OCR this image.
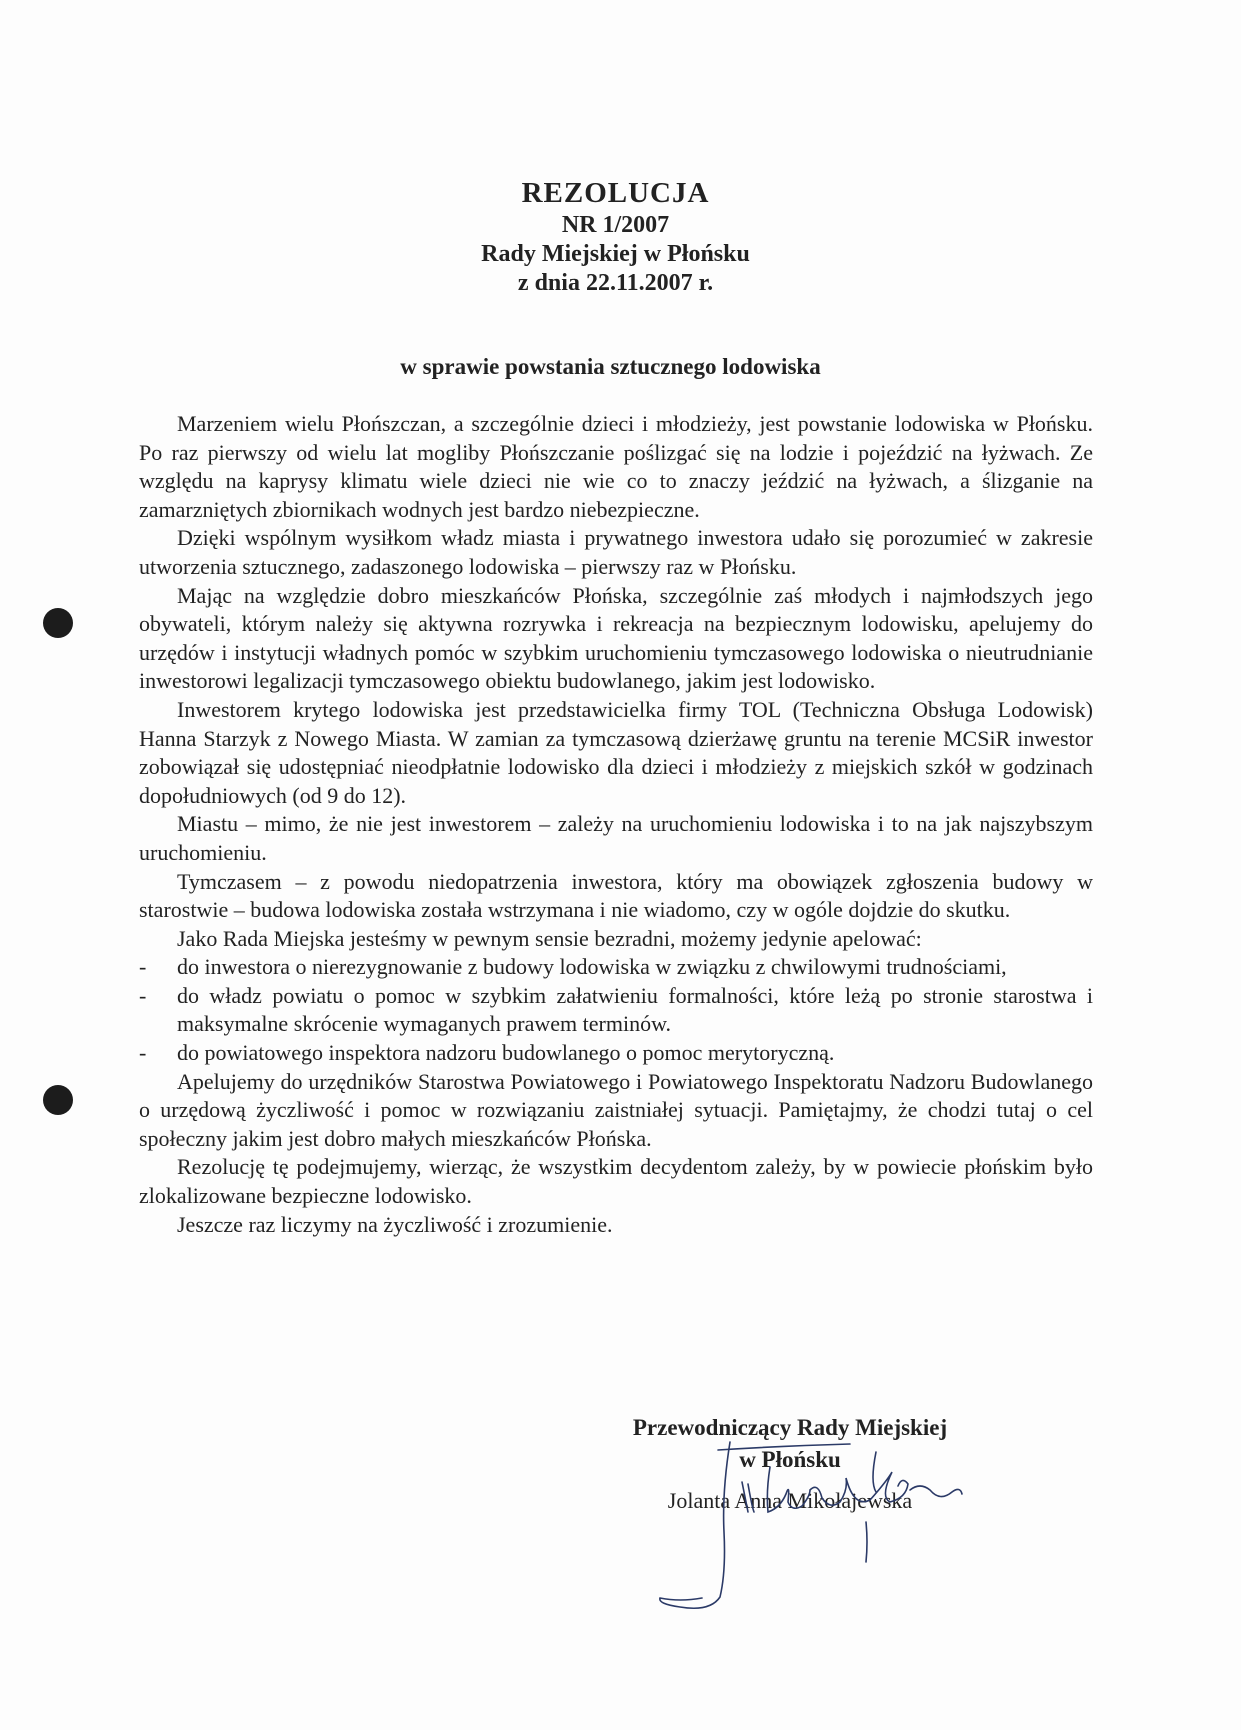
REZOLUCJA
NR 1/2007
Rady Miejskiej w Płońsku
z dnia 22.11.2007 r.
w sprawie powstania sztucznego lodowiska

Marzeniem wielu Płońszczan, a szczególnie dzieci i młodzieży, jest powstanie lodowiska w Płońsku. Po raz pierwszy od wielu lat mogliby Płońszczanie poślizgać się na lodzie i pojeździć na łyżwach. Ze względu na kaprysy klimatu wiele dzieci nie wie co to znaczy jeździć na łyżwach, a ślizganie na zamarzniętych zbiornikach wodnych jest bardzo niebezpieczne.

Dzięki wspólnym wysiłkom władz miasta i prywatnego inwestora udało się porozumieć w zakresie utworzenia sztucznego, zadaszonego lodowiska – pierwszy raz w Płońsku.

Mając na względzie dobro mieszkańców Płońska, szczególnie zaś młodych i najmłodszych jego obywateli, którym należy się aktywna rozrywka i rekreacja na bezpiecznym lodowisku, apelujemy do urzędów i instytucji władnych pomóc w szybkim uruchomieniu tymczasowego lodowiska o nieutrudnianie inwestorowi legalizacji tymczasowego obiektu budowlanego, jakim jest lodowisko.

Inwestorem krytego lodowiska jest przedstawicielka firmy TOL (Techniczna Obsługa Lodowisk) Hanna Starzyk z Nowego Miasta. W zamian za tymczasową dzierżawę gruntu na terenie MCSiR inwestor zobowiązał się udostępniać nieodpłatnie lodowisko dla dzieci i młodzieży z miejskich szkół w godzinach dopołudniowych (od 9 do 12).

Miastu – mimo, że nie jest inwestorem – zależy na uruchomieniu lodowiska i to na jak najszybszym uruchomieniu.

Tymczasem – z powodu niedopatrzenia inwestora, który ma obowiązek zgłoszenia budowy w starostwie – budowa lodowiska została wstrzymana i nie wiadomo, czy w ogóle dojdzie do skutku.

Jako Rada Miejska jesteśmy w pewnym sensie bezradni, możemy jedynie apelować:

- do inwestora o nierezygnowanie z budowy lodowiska w związku z chwilowymi trudnościami,
- do władz powiatu o pomoc w szybkim załatwieniu formalności, które leżą po stronie starostwa i maksymalne skrócenie wymaganych prawem terminów.
- do powiatowego inspektora nadzoru budowlanego o pomoc merytoryczną.

Apelujemy do urzędników Starostwa Powiatowego i Powiatowego Inspektoratu Nadzoru Budowlanego o urzędową życzliwość i pomoc w rozwiązaniu zaistniałej sytuacji. Pamiętajmy, że chodzi tutaj o cel społeczny jakim jest dobro małych mieszkańców Płońska.

Rezolucję tę podejmujemy, wierząc, że wszystkim decydentom zależy, by w powiecie płońskim było zlokalizowane bezpieczne lodowisko.

Jeszcze raz liczymy na życzliwość i zrozumienie.

Przewodniczący Rady Miejskiej
w Płońsku
Jolanta Anna Mikołajewska
